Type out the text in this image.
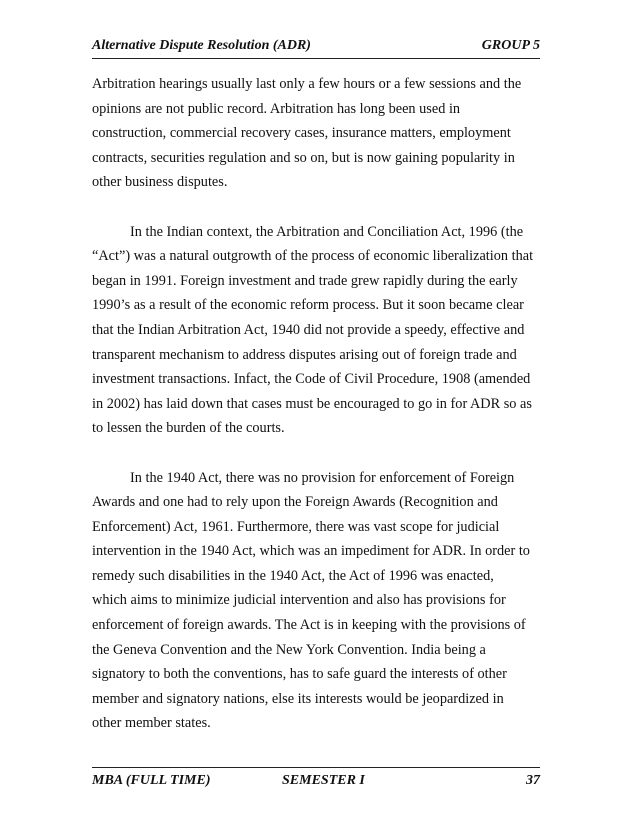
Alternative Dispute Resolution (ADR)	GROUP 5
Arbitration hearings usually last only a few hours or a few sessions and the
opinions are not public record. Arbitration has long been used in
construction, commercial recovery cases, insurance matters, employment
contracts, securities regulation and so on, but is now gaining popularity in
other business disputes.
In the Indian context, the Arbitration and Conciliation Act, 1996 (the
“Act”) was a natural outgrowth of the process of economic liberalization that
began in 1991. Foreign investment and trade grew rapidly during the early
1990’s as a result of the economic reform process. But it soon became clear
that the Indian Arbitration Act, 1940 did not provide a speedy, effective and
transparent mechanism to address disputes arising out of foreign trade and
investment transactions. Infact, the Code of Civil Procedure, 1908 (amended
in 2002) has laid down that cases must be encouraged to go in for ADR so as
to lessen the burden of the courts.
In the 1940 Act, there was no provision for enforcement of Foreign
Awards and one had to rely upon the Foreign Awards (Recognition and
Enforcement) Act, 1961. Furthermore, there was vast scope for judicial
intervention in the 1940 Act, which was an impediment for ADR. In order to
remedy such disabilities in the 1940 Act, the Act of 1996 was enacted,
which aims to minimize judicial intervention and also has provisions for
enforcement of foreign awards. The Act is in keeping with the provisions of
the Geneva Convention and the New York Convention. India being a
signatory to both the conventions, has to safe guard the interests of other
member and signatory nations, else its interests would be jeopardized in
other member states.
MBA (FULL TIME)	SEMESTER I	37
